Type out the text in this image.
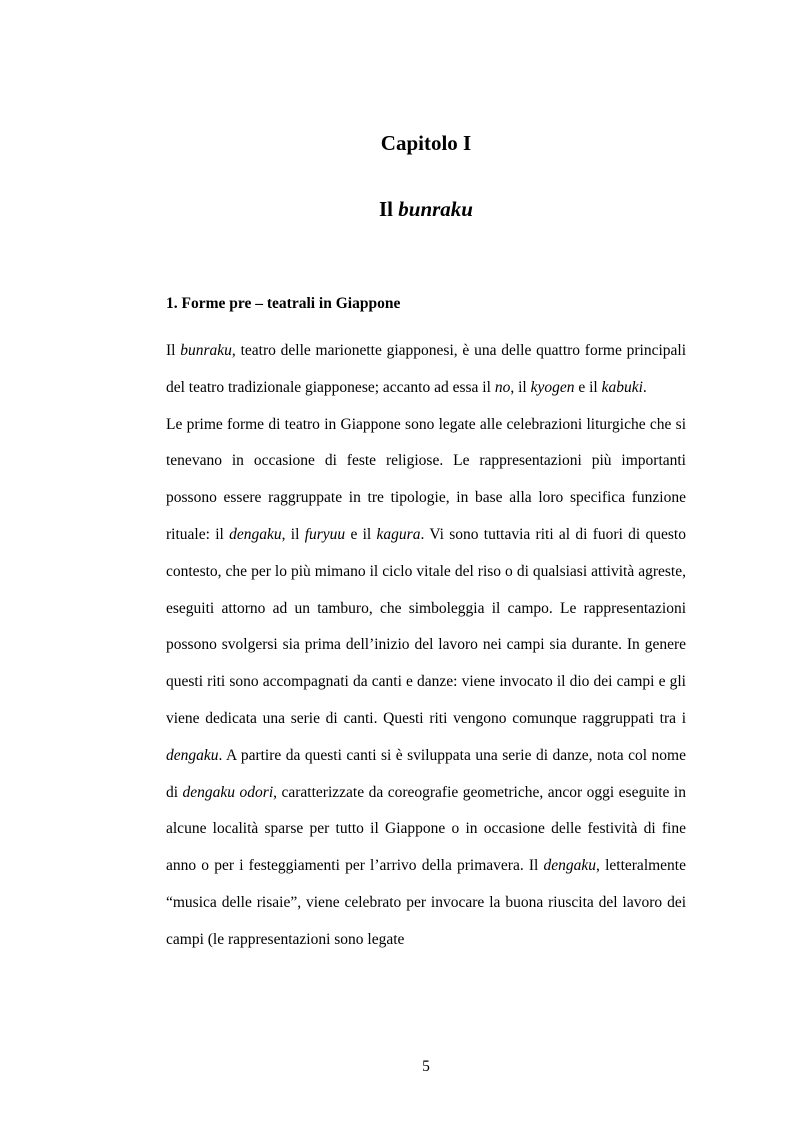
Capitolo I
Il bunraku
1. Forme pre – teatrali in Giappone

Il bunraku, teatro delle marionette giapponesi, è una delle quattro forme principali del teatro tradizionale giapponese; accanto ad essa il no, il kyogen e il kabuki.

Le prime forme di teatro in Giappone sono legate alle celebrazioni liturgiche che si tenevano in occasione di feste religiose. Le rappresentazioni più importanti possono essere raggruppate in tre tipologie, in base alla loro specifica funzione rituale: il dengaku, il furyuu e il kagura. Vi sono tuttavia riti al di fuori di questo contesto, che per lo più mimano il ciclo vitale del riso o di qualsiasi attività agreste, eseguiti attorno ad un tamburo, che simboleggia il campo. Le rappresentazioni possono svolgersi sia prima dell’inizio del lavoro nei campi sia durante. In genere questi riti sono accompagnati da canti e danze: viene invocato il dio dei campi e gli viene dedicata una serie di canti. Questi riti vengono comunque raggruppati tra i dengaku. A partire da questi canti si è sviluppata una serie di danze, nota col nome di dengaku odori, caratterizzate da coreografie geometriche, ancor oggi eseguite in alcune località sparse per tutto il Giappone o in occasione delle festività di fine anno o per i festeggiamenti per l’arrivo della primavera. Il dengaku, letteralmente “musica delle risaie”, viene celebrato per invocare la buona riuscita del lavoro dei campi (le rappresentazioni sono legate

5
